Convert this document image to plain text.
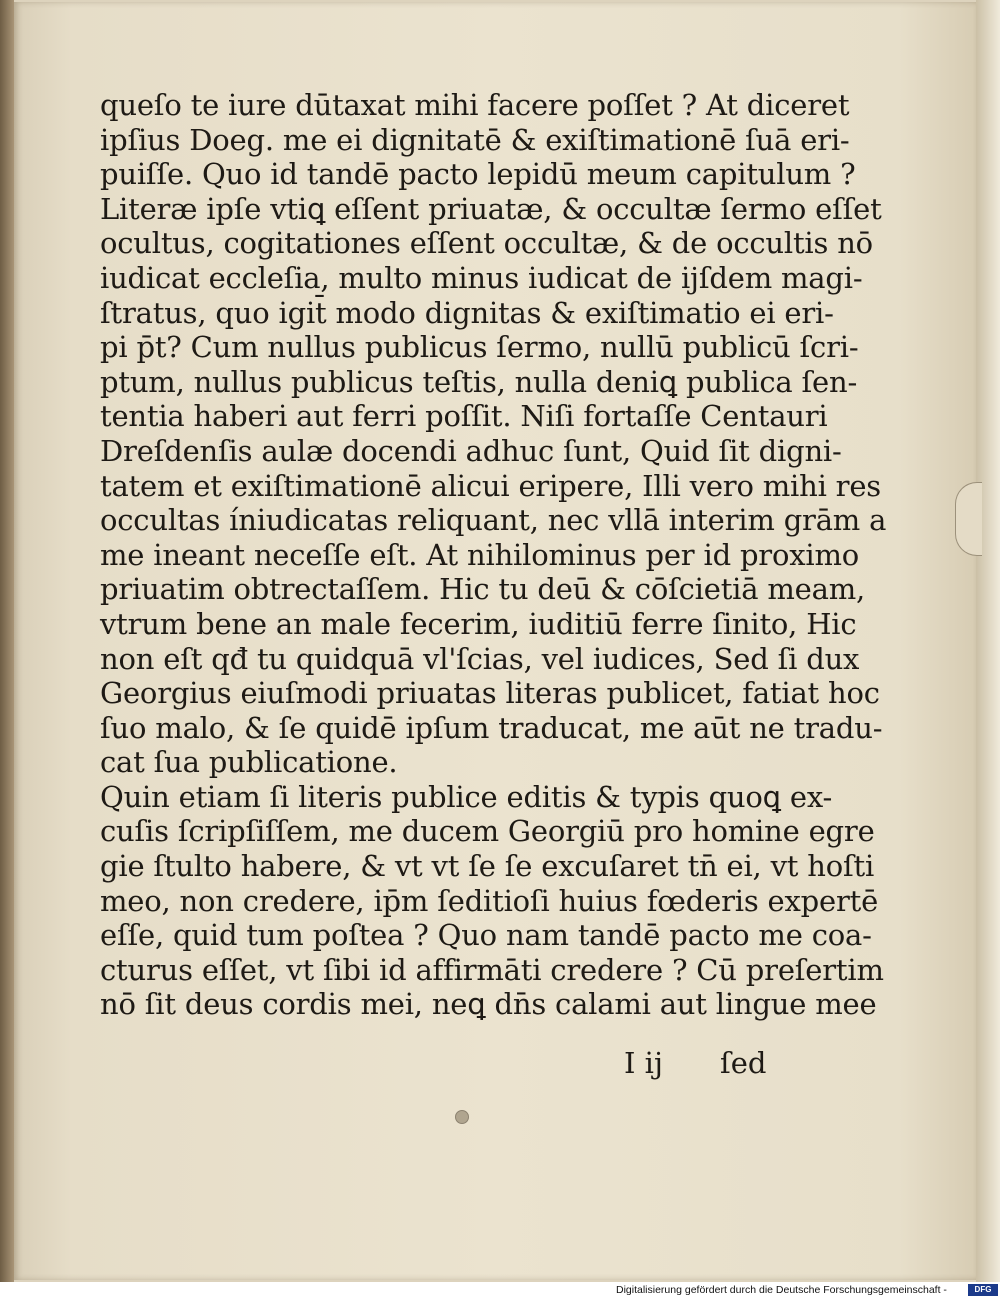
queſo te iure dūtaxat mihi facere poſſet ? At diceret
ipſius Doeg. me ei dignitatē & exiſtimationē ſuā eri-
puiſſe. Quo id tandē pacto lepidū meum capitulum ?
Literæ ipſe vtiꝗ eſſent priuatæ, & occultæ ſermo eſſet
ocultus, cogitationes eſſent occultæ, & de occultis nō
iudicat eccleſia, multo minus iudicat de ijſdem magi-
ſtratus, quo igit̄ modo dignitas & exiſtimatio ei eri-
pi p̄t? Cum nullus publicus ſermo, nullū publicū ſcri-
ptum, nullus publicus teſtis, nulla deniꝗ publica ſen-
tentia haberi aut ferri poſſit. Niſi fortaſſe Centauri
Dreſdenſis aulæ docendi adhuc ſunt, Quid ſit digni-
tatem et exiſtimationē alicui eripere, Illi vero mihi res
occultas íniudicatas reliquant, nec vllā interim grām a
me ineant neceſſe eſt. At nihilominus per id proximo
priuatim obtrectaſſem. Hic tu deū & cōſcietiā meam,
vtrum bene an male fecerim, iuditiū ferre ſinito, Hic
non eſt qđ tu quidquā vl'ſcias, vel iudices, Sed ſi dux
Georgius eiuſmodi priuatas literas publicet, fatiat hoc
ſuo malo, & ſe quidē ipſum traducat, me aūt ne tradu-
cat ſua publicatione.
Quin etiam ſi literis publice editis & typis quoꝗ ex-
cuſis ſcripſiſſem, me ducem Georgiū pro homine egre
gie ſtulto habere, & vt vt ſe ſe excuſaret tn̄ ei, vt hoſti
meo, non credere, ip̄m ſeditioſi huius fœderis expertē
eſſe, quid tum poſtea ? Quo nam tandē pacto me coa-
cturus eſſet, vt ſibi id affirmāti credere ? Cū preſertim
nō ſit deus cordis mei, neꝗ dn̄s calami aut lingue mee
I ij ſed
Digitalisierung gefördert durch die Deutsche Forschungsgemeinschaft -	DFG
